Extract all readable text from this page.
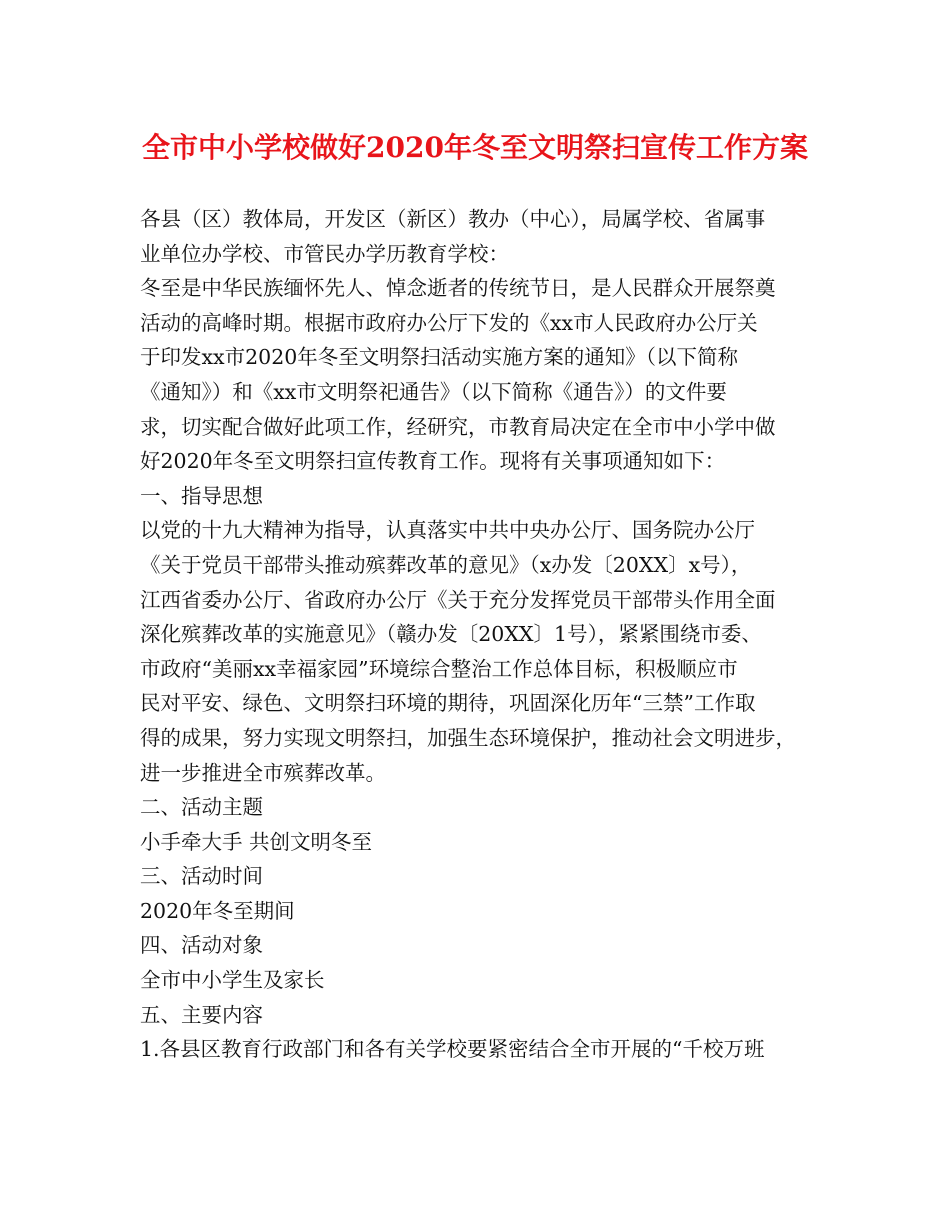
全市中小学校做好2020年冬至文明祭扫宣传工作方案

各县（区）教体局，开发区（新区）教办（中心），局属学校、省属事

业单位办学校、市管民办学历教育学校：

冬至是中华民族缅怀先人、悼念逝者的传统节日，是人民群众开展祭奠

活动的高峰时期。根据市政府办公厅下发的《xx市人民政府办公厅关

于印发xx市2020年冬至文明祭扫活动实施方案的通知》（以下简称

《通知》）和《xx市文明祭祀通告》（以下简称《通告》）的文件要

求，切实配合做好此项工作，经研究，市教育局决定在全市中小学中做

好2020年冬至文明祭扫宣传教育工作。现将有关事项通知如下：

一、指导思想

以党的十九大精神为指导，认真落实中共中央办公厅、国务院办公厅

《关于党员干部带头推动殡葬改革的意见》（x办发〔20XX〕x号），

江西省委办公厅、省政府办公厅《关于充分发挥党员干部带头作用全面

深化殡葬改革的实施意见》（赣办发〔20XX〕1号），紧紧围绕市委、

市政府“美丽xx幸福家园”环境综合整治工作总体目标，积极顺应市

民对平安、绿色、文明祭扫环境的期待，巩固深化历年“三禁”工作取

得的成果，努力实现文明祭扫，加强生态环境保护，推动社会文明进步，

进一步推进全市殡葬改革。

二、活动主题

小手牵大手 共创文明冬至

三、活动时间

2020年冬至期间

四、活动对象

全市中小学生及家长

五、主要内容

1.各县区教育行政部门和各有关学校要紧密结合全市开展的“千校万班
